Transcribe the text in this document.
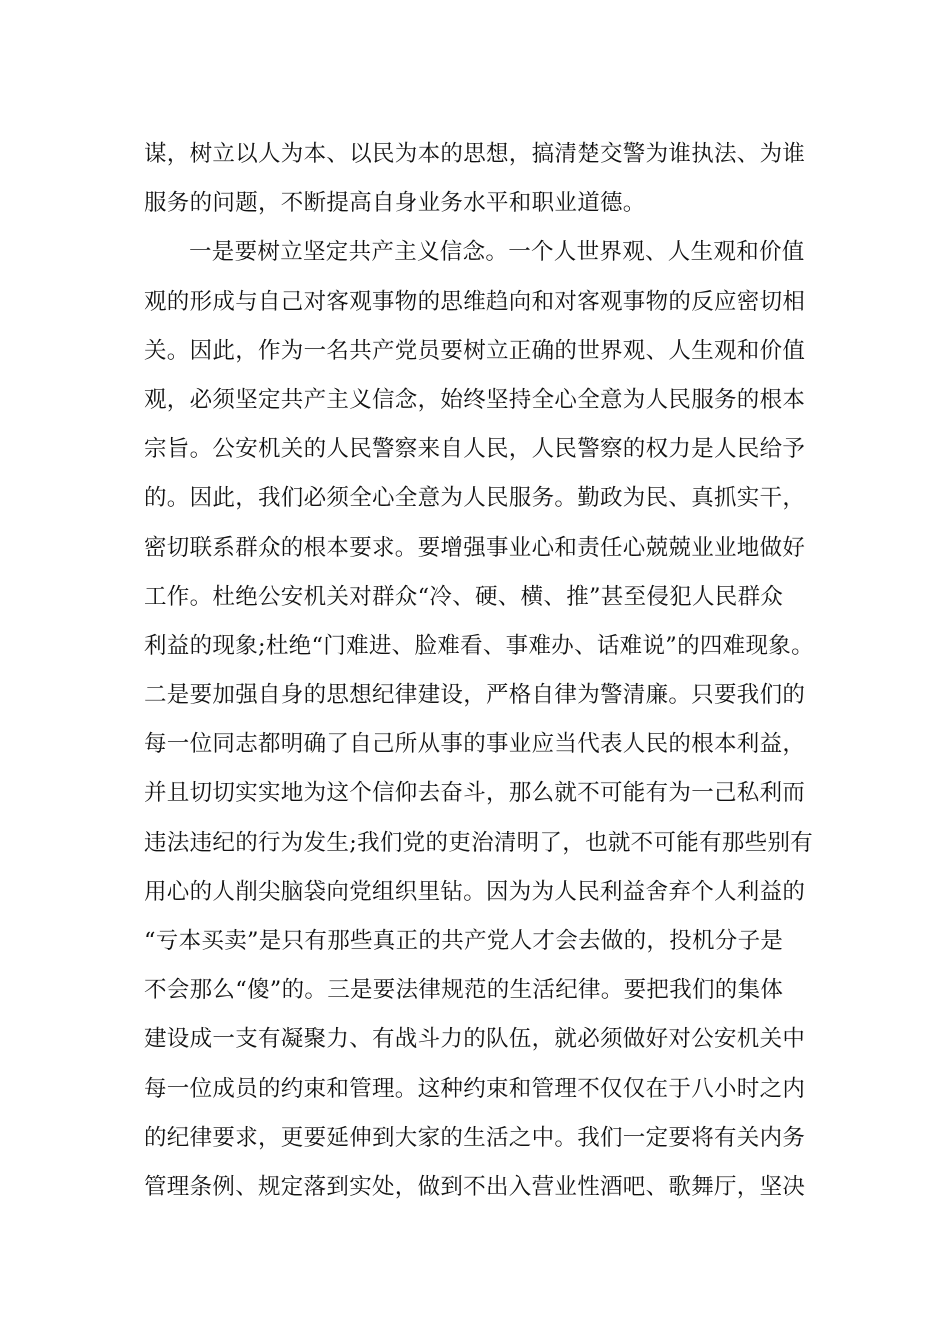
谋，树立以人为本、以民为本的思想，搞清楚交警为谁执法、为谁
服务的问题，不断提高自身业务水平和职业道德。
一是要树立坚定共产主义信念。一个人世界观、人生观和价值
观的形成与自己对客观事物的思维趋向和对客观事物的反应密切相
关。因此，作为一名共产党员要树立正确的世界观、人生观和价值
观，必须坚定共产主义信念，始终坚持全心全意为人民服务的根本
宗旨。公安机关的人民警察来自人民，人民警察的权力是人民给予
的。因此，我们必须全心全意为人民服务。勤政为民、真抓实干，
密切联系群众的根本要求。要增强事业心和责任心兢兢业业地做好
工作。杜绝公安机关对群众“冷、硬、横、推”甚至侵犯人民群众
利益的现象;杜绝“门难进、脸难看、事难办、话难说”的四难现象。
二是要加强自身的思想纪律建设，严格自律为警清廉。只要我们的
每一位同志都明确了自己所从事的事业应当代表人民的根本利益，
并且切切实实地为这个信仰去奋斗，那么就不可能有为一己私利而
违法违纪的行为发生;我们党的吏治清明了，也就不可能有那些别有
用心的人削尖脑袋向党组织里钻。因为为人民利益舍弃个人利益的
“亏本买卖”是只有那些真正的共产党人才会去做的，投机分子是
不会那么“傻”的。三是要法律规范的生活纪律。要把我们的集体
建设成一支有凝聚力、有战斗力的队伍，就必须做好对公安机关中
每一位成员的约束和管理。这种约束和管理不仅仅在于八小时之内
的纪律要求，更要延伸到大家的生活之中。我们一定要将有关内务
管理条例、规定落到实处，做到不出入营业性酒吧、歌舞厅，坚决
